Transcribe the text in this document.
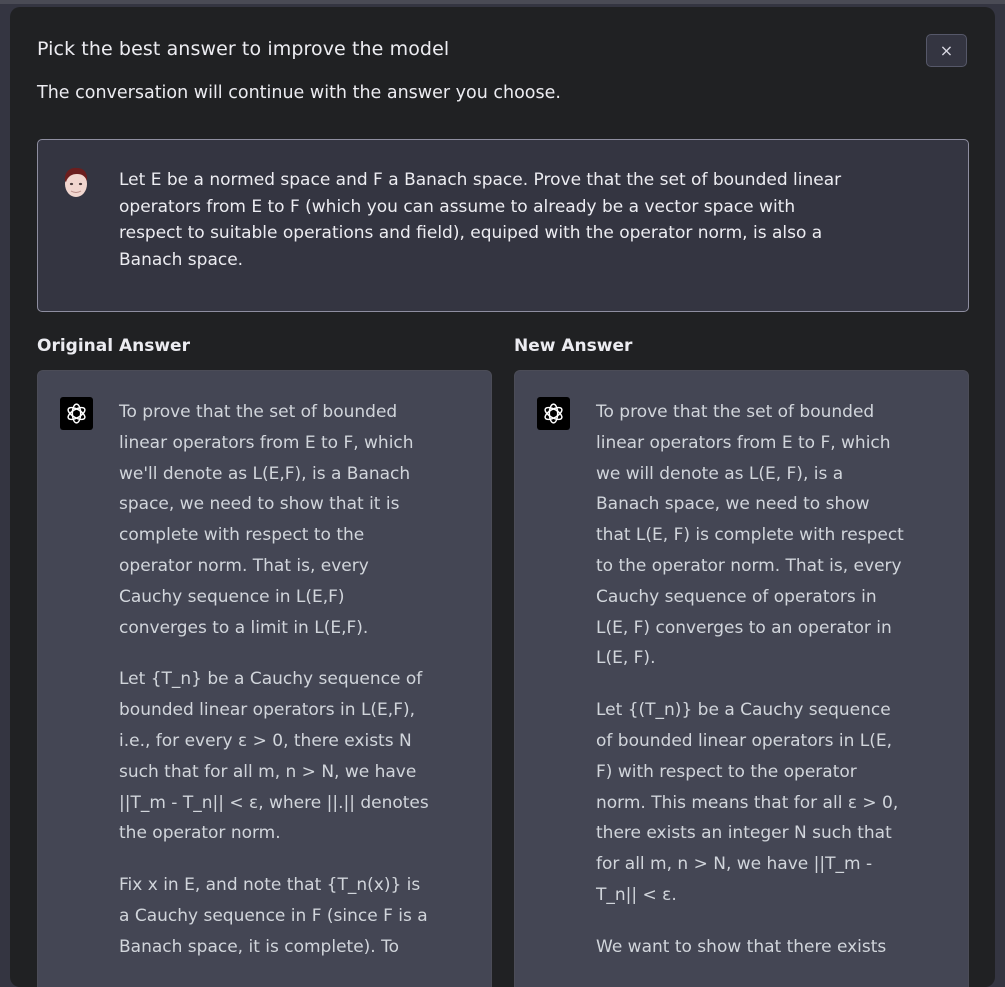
Pick the best answer to improve the model
The conversation will continue with the answer you choose.
×
Let E be a normed space and F a Banach space. Prove that the set of bounded linear operators from E to F (which you can assume to already be a vector space with respect to suitable operations and field), equiped with the operator norm, is also a Banach space.
Original Answer	New Answer

To prove that the set of bounded linear operators from E to F, which we'll denote as L(E,F), is a Banach space, we need to show that it is complete with respect to the operator norm. That is, every Cauchy sequence in L(E,F) converges to a limit in L(E,F).

Let {T_n} be a Cauchy sequence of bounded linear operators in L(E,F), i.e., for every ε > 0, there exists N such that for all m, n > N, we have ||T_m - T_n|| < ε, where ||.|| denotes the operator norm.

Fix x in E, and note that {T_n(x)} is a Cauchy sequence in F (since F is a Banach space, it is complete). To

To prove that the set of bounded linear operators from E to F, which we will denote as L(E, F), is a Banach space, we need to show that L(E, F) is complete with respect to the operator norm. That is, every Cauchy sequence of operators in L(E, F) converges to an operator in L(E, F).

Let {(T_n)} be a Cauchy sequence of bounded linear operators in L(E, F) with respect to the operator norm. This means that for all ε > 0, there exists an integer N such that for all m, n > N, we have ||T_m - T_n|| < ε.

We want to show that there exists
